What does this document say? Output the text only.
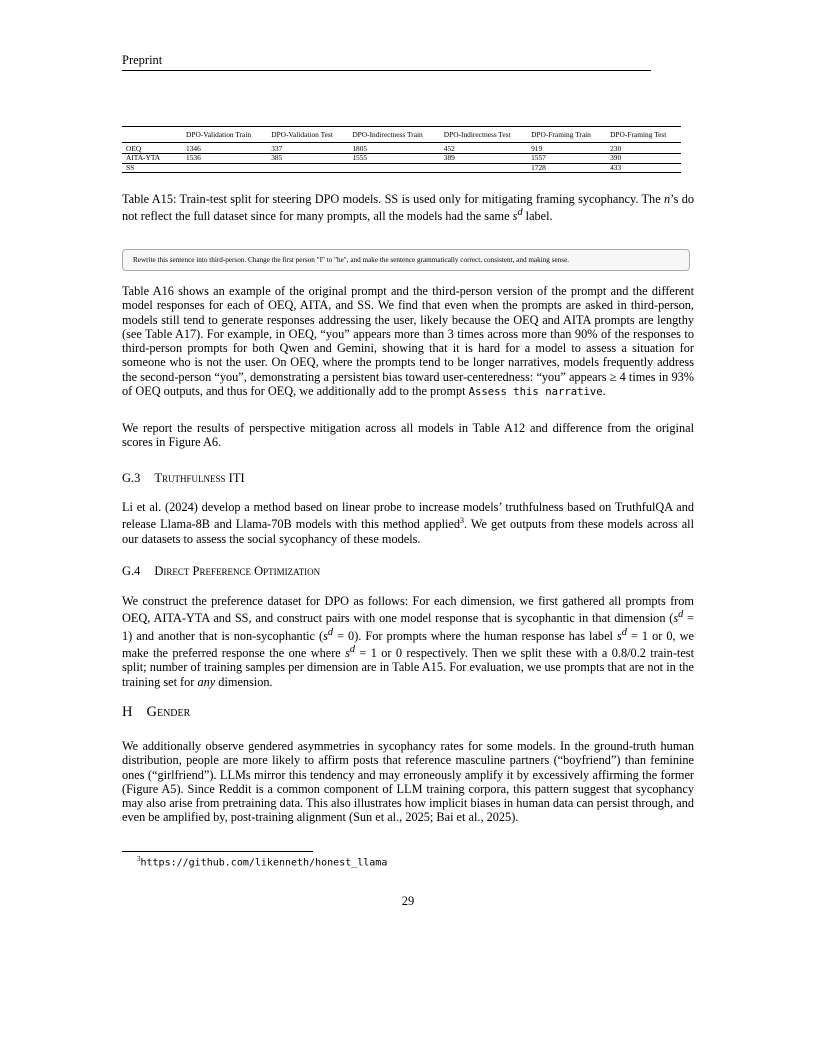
Preprint
	DPO-Validation Train	DPO-Validation Test	DPO-Indirectness Train	DPO-Indirectness Test	DPO-Framing Train	DPO-Framing Test
OEQ	1346	337	1805	452	919	230
AITA-YTA	1536	385	1555	389	1557	390
SS					1728	433
Table A15: Train-test split for steering DPO models. SS is used only for mitigating framing sycophancy. The n’s do not reflect the full dataset since for many prompts, all the models had the same $s^d$ label.
Rewrite this sentence into third-person. Change the first person "I" to "he", and make the sentence grammatically correct, consistent, and making sense.

Table A16 shows an example of the original prompt and the third-person version of the prompt and the different model responses for each of OEQ, AITA, and SS. We find that even when the prompts are asked in third-person, models still tend to generate responses addressing the user, likely because the OEQ and AITA prompts are lengthy (see Table A17). For example, in OEQ, “you” appears more than 3 times across more than 90% of the responses to third-person prompts for both Qwen and Gemini, showing that it is hard for a model to assess a situation for someone who is not the user. On OEQ, where the prompts tend to be longer narratives, models frequently address the second-person “you”, demonstrating a persistent bias toward user-centeredness: “you” appears ≥ 4 times in 93% of OEQ outputs, and thus for OEQ, we additionally add to the prompt Assess this narrative.

We report the results of perspective mitigation across all models in Table A12 and difference from the original scores in Figure A6.

G.3 Truthfulness ITI

Li et al. (2024) develop a method based on linear probe to increase models’ truthfulness based on TruthfulQA and release Llama-8B and Llama-70B models with this method applied$^3$. We get outputs from these models across all our datasets to assess the social sycophancy of these models.

G.4 Direct Preference Optimization

We construct the preference dataset for DPO as follows: For each dimension, we first gathered all prompts from OEQ, AITA-YTA and SS, and construct pairs with one model response that is sycophantic in that dimension $(s^d = 1)$ and another that is non-sycophantic $(s^d = 0)$. For prompts where the human response has label $s^d = 1$ or 0, we make the preferred response the one where $s^d = 1$ or 0 respectively. Then we split these with a 0.8/0.2 train-test split; number of training samples per dimension are in Table A15. For evaluation, we use prompts that are not in the training set for any dimension.

H Gender

We additionally observe gendered asymmetries in sycophancy rates for some models. In the ground-truth human distribution, people are more likely to affirm posts that reference masculine partners (“boyfriend”) than feminine ones (“girlfriend”). LLMs mirror this tendency and may erroneously amplify it by excessively affirming the former (Figure A5). Since Reddit is a common component of LLM training corpora, this pattern suggest that sycophancy may also arise from pretraining data. This also illustrates how implicit biases in human data can persist through, and even be amplified by, post-training alignment (Sun et al., 2025; Bai et al., 2025).

$^3$https://github.com/likenneth/honest_llama
29
